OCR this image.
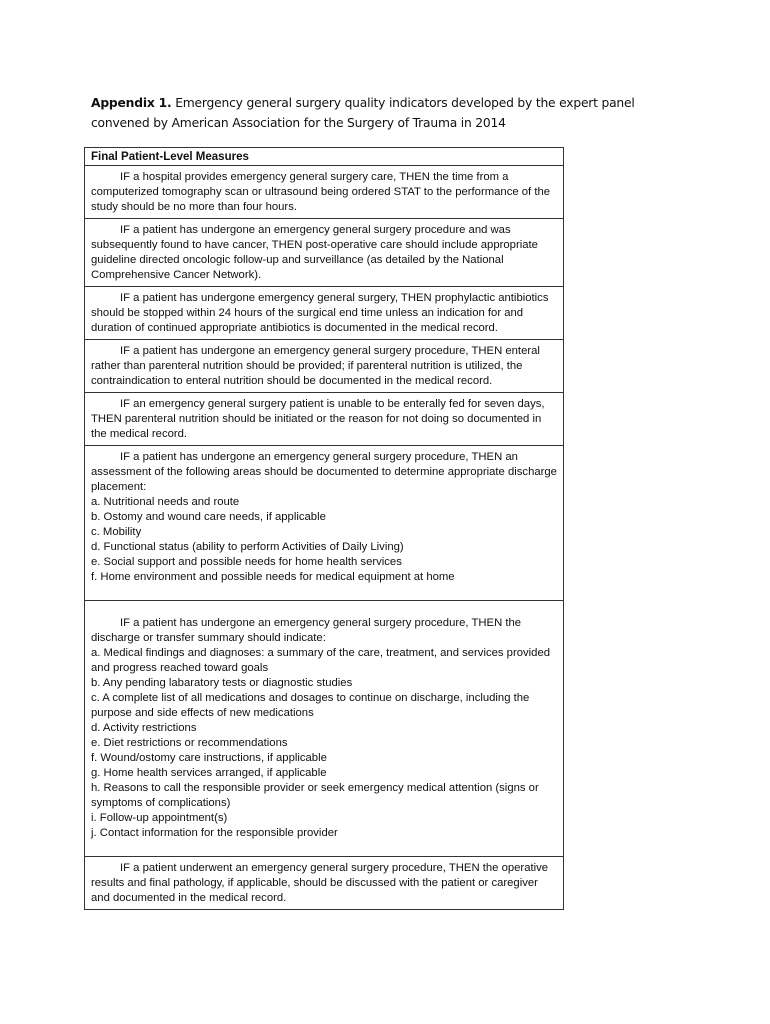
Appendix 1. Emergency general surgery quality indicators developed by the expert panel convened by American Association for the Surgery of Trauma in 2014
Final Patient-Level Measures
IF a hospital provides emergency general surgery care, THEN the time from a computerized tomography scan or ultrasound being ordered STAT to the performance of the study should be no more than four hours.
IF a patient has undergone an emergency general surgery procedure and was subsequently found to have cancer, THEN post-operative care should include appropriate guideline directed oncologic follow-up and surveillance (as detailed by the National Comprehensive Cancer Network).
IF a patient has undergone emergency general surgery, THEN prophylactic antibiotics should be stopped within 24 hours of the surgical end time unless an indication for and duration of continued appropriate antibiotics is documented in the medical record.
IF a patient has undergone an emergency general surgery procedure, THEN enteral rather than parenteral nutrition should be provided; if parenteral nutrition is utilized, the contraindication to enteral nutrition should be documented in the medical record.
IF an emergency general surgery patient is unable to be enterally fed for seven days, THEN parenteral nutrition should be initiated or the reason for not doing so documented in the medical record.
IF a patient has undergone an emergency general surgery procedure, THEN an assessment of the following areas should be documented to determine appropriate discharge placement:
a. Nutritional needs and route
b. Ostomy and wound care needs, if applicable
c. Mobility
d. Functional status (ability to perform Activities of Daily Living)
e. Social support and possible needs for home health services
f. Home environment and possible needs for medical equipment at home
IF a patient has undergone an emergency general surgery procedure, THEN the discharge or transfer summary should indicate:
a. Medical findings and diagnoses: a summary of the care, treatment, and services provided and progress reached toward goals
b. Any pending labaratory tests or diagnostic studies
c. A complete list of all medications and dosages to continue on discharge, including the purpose and side effects of new medications
d. Activity restrictions
e. Diet restrictions or recommendations
f. Wound/ostomy care instructions, if applicable
g. Home health services arranged, if applicable
h. Reasons to call the responsible provider or seek emergency medical attention (signs or symptoms of complications)
i. Follow-up appointment(s)
j. Contact information for the responsible provider
IF a patient underwent an emergency general surgery procedure, THEN the operative results and final pathology, if applicable, should be discussed with the patient or caregiver and documented in the medical record.
